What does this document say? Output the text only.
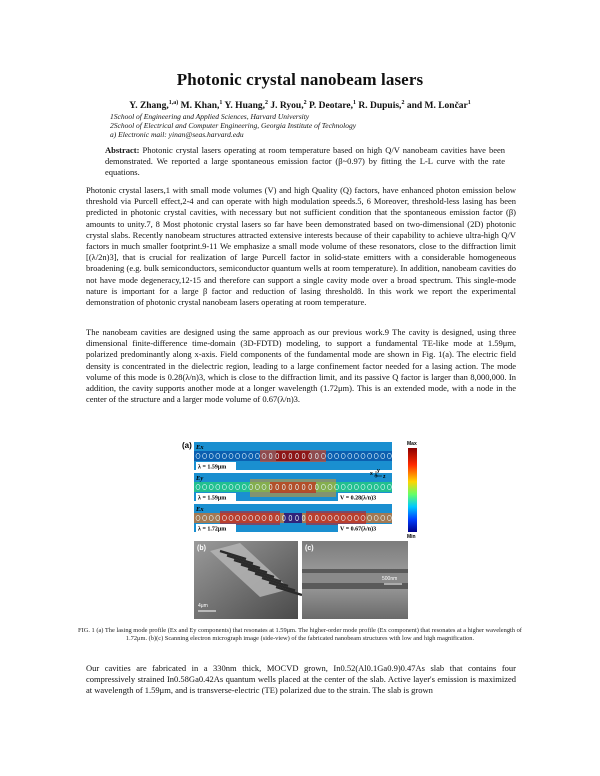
Photonic crystal nanobeam lasers
Y. Zhang,$^{1,a)}$ M. Khan,$^1$ Y. Huang,$^2$ J. Ryou,$^2$ P. Deotare,$^1$ R. Dupuis,$^2$ and M. Lončar$^1$
1School of Engineering and Applied Sciences, Harvard University
2School of Electrical and Computer Engineering, Georgia Institute of Technology
a) Electronic mail: yinan@seas.harvard.edu
Abstract: Photonic crystal lasers operating at room temperature based on high Q/V nanobeam cavities have been demonstrated. We reported a large spontaneous emission factor (β~0.97) by fitting the L-L curve with the rate equations.

Photonic crystal lasers,1 with small mode volumes (V) and high Quality (Q) factors, have enhanced photon emission below threshold via Purcell effect,2-4 and can operate with high modulation speeds.5, 6 Moreover, threshold-less lasing has been predicted in photonic crystal cavities, with necessary but not sufficient condition that the spontaneous emission factor (β) amounts to unity.7, 8 Most photonic crystal lasers so far have been demonstrated based on two-dimensional (2D) photonic crystal slabs. Recently nanobeam structures attracted extensive interests because of their capability to achieve ultra-high Q/V factors in much smaller footprint.9-11 We emphasize a small mode volume of these resonators, close to the diffraction limit [(λ/2n)3], that is crucial for realization of large Purcell factor in solid-state emitters with a considerable homogeneous broadening (e.g. bulk semiconductors, semiconductor quantum wells at room temperature). In addition, nanobeam cavities do not have mode degeneracy,12-15 and therefore can support a single cavity mode over a broad spectrum. This single-mode nature is important for a large β factor and reduction of lasing threshold8. In this work we report the experimental demonstration of photonic crystal nanobeam lasers operating at room temperature.

The nanobeam cavities are designed using the same approach as our previous work.9 The cavity is designed, using three dimensional finite-difference time-domain (3D-FDTD) modeling, to support a fundamental TE-like mode at 1.59μm, polarized predominantly along x-axis. Field components of the fundamental mode are shown in Fig. 1(a). The electric field density is concentrated in the dielectric region, leading to a large confinement factor needed for a lasing action. The mode volume of this mode is 0.28(λ/n)3, which is close to the diffraction limit, and its passive Q factor is larger than 8,000,000. In addition, the cavity supports another mode at a longer wavelength (1.72μm). This is an extended mode, with a node in the center of the structure and a larger mode volume of 0.67(λ/n)3.

(a) Ex
λ = 1.59μm
Ey
λ = 1.59μm	V = 0.28(λ/n)3
Ex
λ = 1.72μm	V = 0.67(λ/n)3
x y
z
Max
Min
(b)
4μm
(c)
500nm
FIG. 1 (a) The lasing mode profile (Ex and Ey components) that resonates at 1.59μm. The higher-order mode profile (Ex component) that resonates at a higher wavelength of 1.72μm. (b)(c) Scanning electron micrograph image (side-view) of the fabricated nanobeam structures with low and high magnification.

Our cavities are fabricated in a 330nm thick, MOCVD grown, In0.52(Al0.1Ga0.9)0.47As slab that contains four compressively strained In0.58Ga0.42As quantum wells placed at the center of the slab. Active layer's emission is maximized at wavelength of 1.59μm, and is transverse-electric (TE) polarized due to the strain. The slab is grown
